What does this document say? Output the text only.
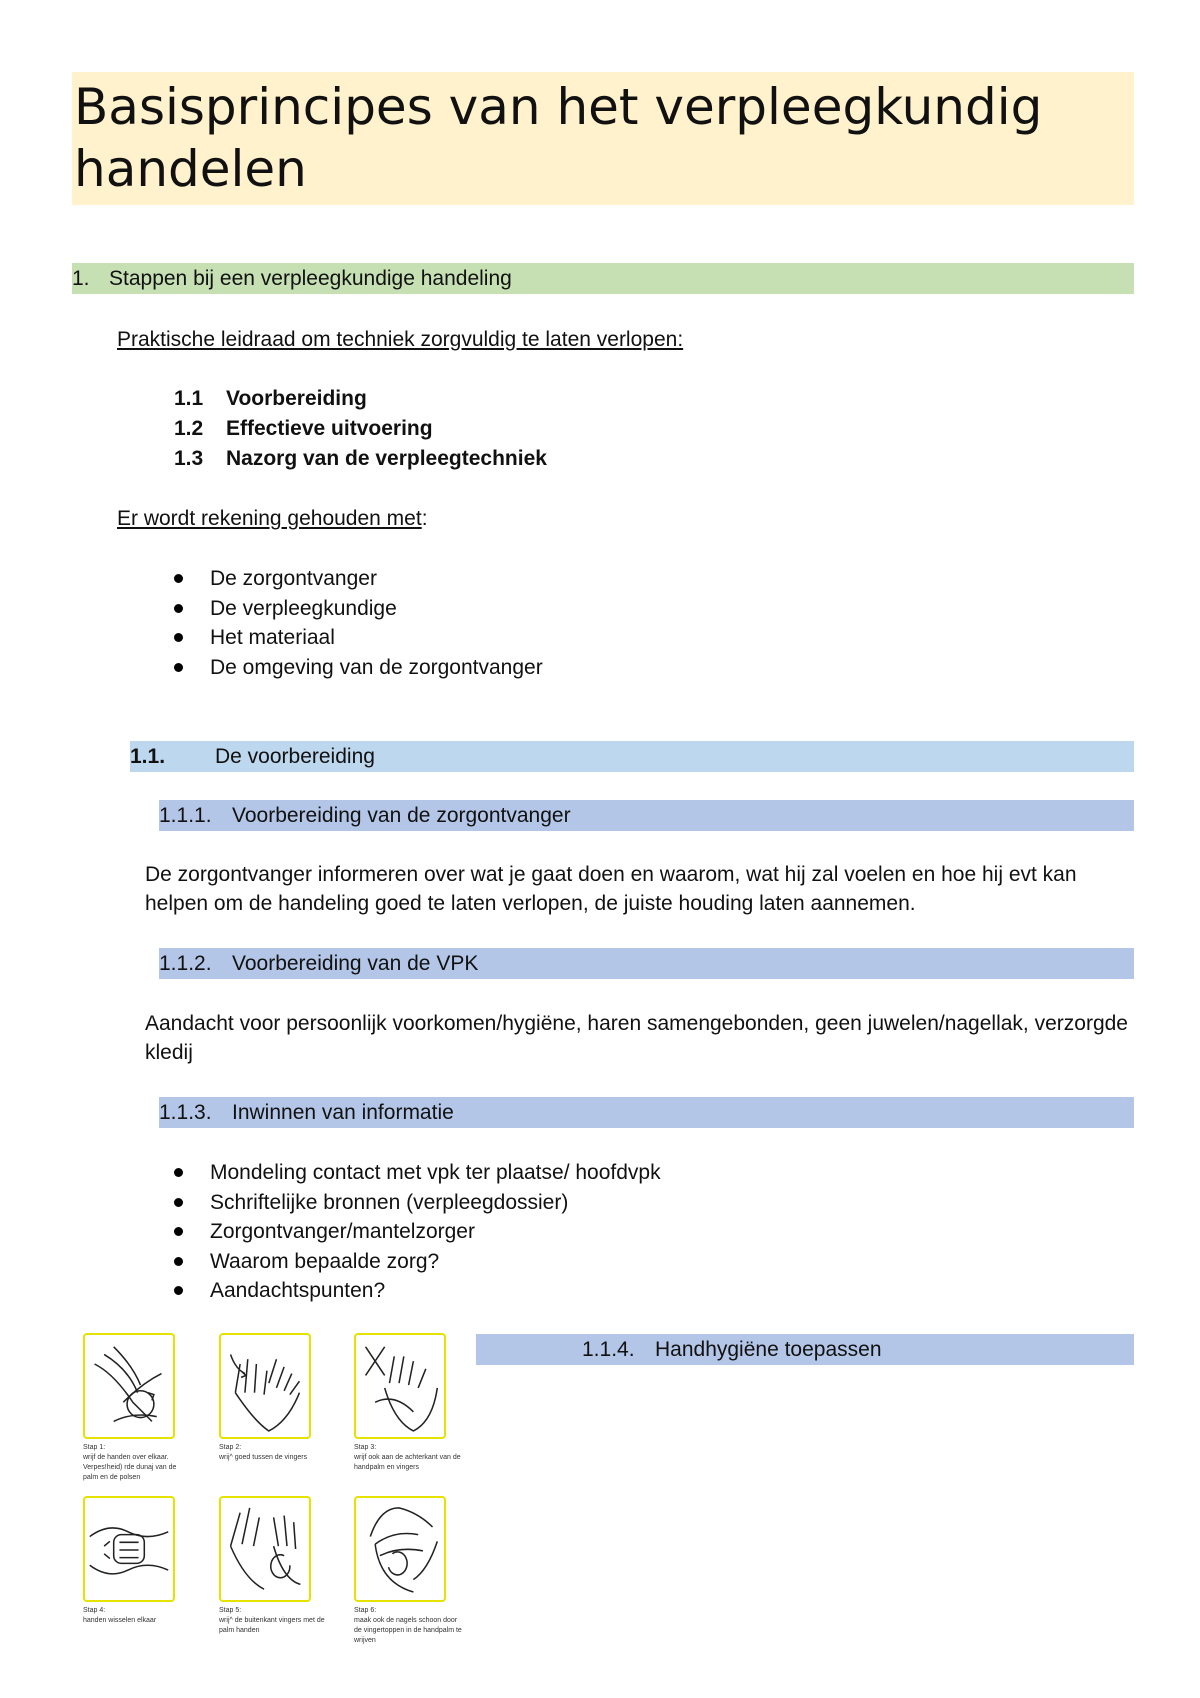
Basisprincipes van het verpleegkundig handelen
1. Stappen bij een verpleegkundige handeling
Praktische leidraad om techniek zorgvuldig te laten verlopen:
1.1 Voorbereiding
1.2 Effectieve uitvoering
1.3 Nazorg van de verpleegtechniek
Er wordt rekening gehouden met:
De zorgontvanger
De verpleegkundige
Het materiaal
De omgeving van de zorgontvanger
1.1. De voorbereiding
1.1.1. Voorbereiding van de zorgontvanger
De zorgontvanger informeren over wat je gaat doen en waarom, wat hij zal voelen en hoe hij evt kan helpen om de handeling goed te laten verlopen, de juiste houding laten aannemen.
1.1.2. Voorbereiding van de VPK
Aandacht voor persoonlijk voorkomen/hygiëne, haren samengebonden, geen juwelen/nagellak, verzorgde kledij
1.1.3. Inwinnen van informatie
Mondeling contact met vpk ter plaatse/ hoofdvpk
Schriftelijke bronnen (verpleegdossier)
Zorgontvanger/mantelzorger
Waarom bepaalde zorg?
Aandachtspunten?
1.1.4. Handhygiëne toepassen
Stap 1:
wrijf de handen over elkaar. Verpes!heid) rde dunaj van de palm en de polsen
Stap 2:
wrij^ goed tussen de vingers
Stap 3:
wrijf ook aan de achterkant van de handpalm en vingers
Stap 4:
handen wisselen elkaar
Stap 5:
wrij^ de buitenkant vingers met de palm handen
Stap 6:
maak ook de nagels schoon door de vingertoppen in de handpalm te wrijven
